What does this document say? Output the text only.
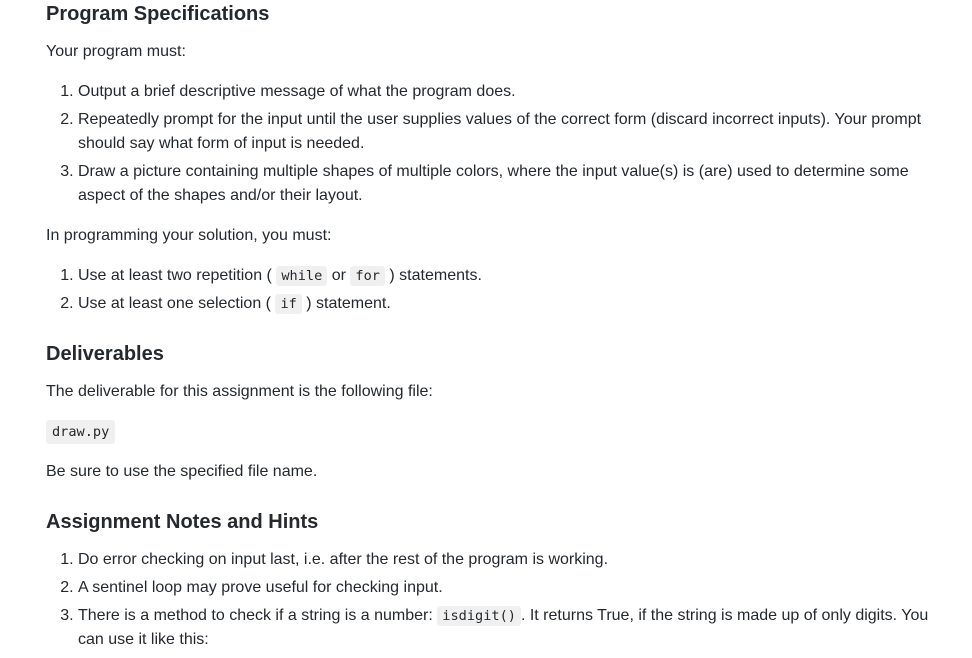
Program Specifications

Your program must:

1. Output a brief descriptive message of what the program does.
2. Repeatedly prompt for the input until the user supplies values of the correct form (discard incorrect inputs). Your prompt should say what form of input is needed.
3. Draw a picture containing multiple shapes of multiple colors, where the input value(s) is (are) used to determine some aspect of the shapes and/or their layout.

In programming your solution, you must:

1. Use at least two repetition ( while or for ) statements.
2. Use at least one selection ( if ) statement.
Deliverables

The deliverable for this assignment is the following file:

draw.py

Be sure to use the specified file name.

Assignment Notes and Hints
1. Do error checking on input last, i.e. after the rest of the program is working.
2. A sentinel loop may prove useful for checking input.
3. There is a method to check if a string is a number: isdigit() . It returns True, if the string is made up of only digits. You can use it like this:
